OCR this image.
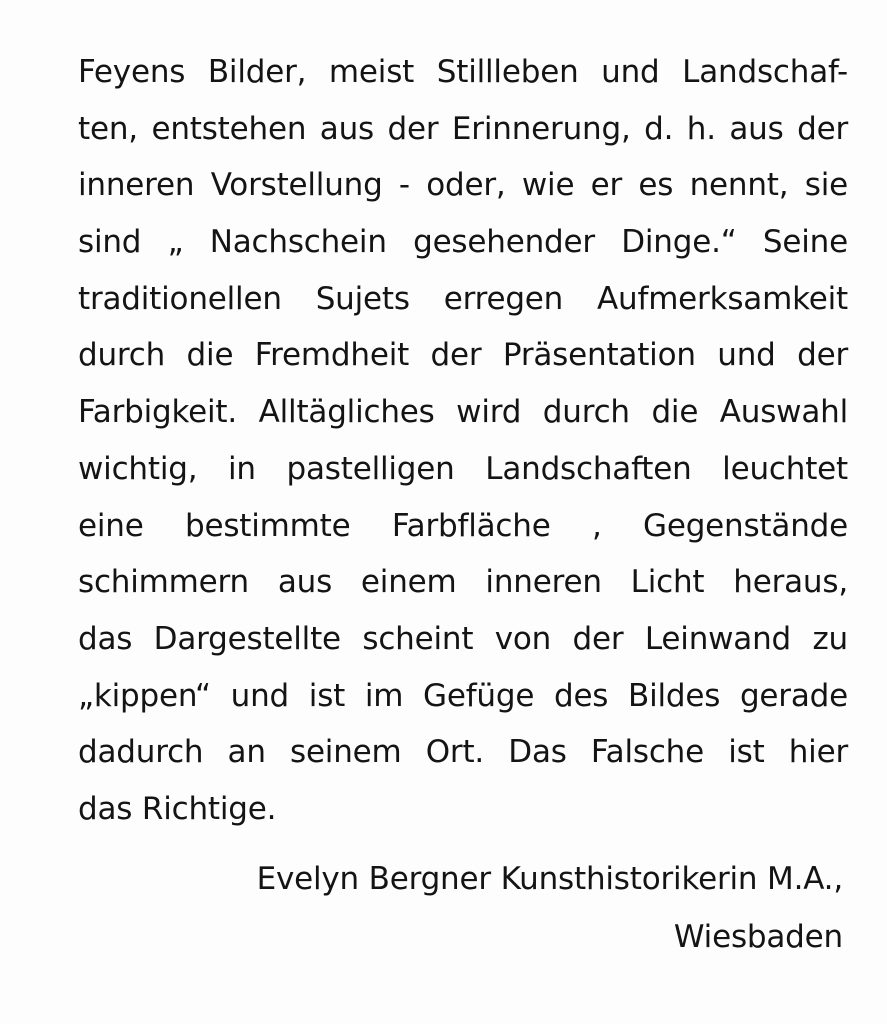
Feyens Bilder, meist Stillleben und Landschaf-
ten, entstehen aus der Erinnerung, d. h. aus der
inneren Vorstellung - oder, wie er es nennt, sie
sind „ Nachschein gesehender Dinge.“ Seine
traditionellen Sujets erregen Aufmerksamkeit
durch die Fremdheit der Präsentation und der
Farbigkeit. Alltägliches wird durch die Auswahl
wichtig, in pastelligen Landschaften leuchtet
eine bestimmte Farbfläche , Gegenstände
schimmern aus einem inneren Licht heraus,
das Dargestellte scheint von der Leinwand zu
„kippen“ und ist im Gefüge des Bildes gerade
dadurch an seinem Ort. Das Falsche ist hier
das Richtige.
Evelyn Bergner Kunsthistorikerin M.A.,
Wiesbaden
